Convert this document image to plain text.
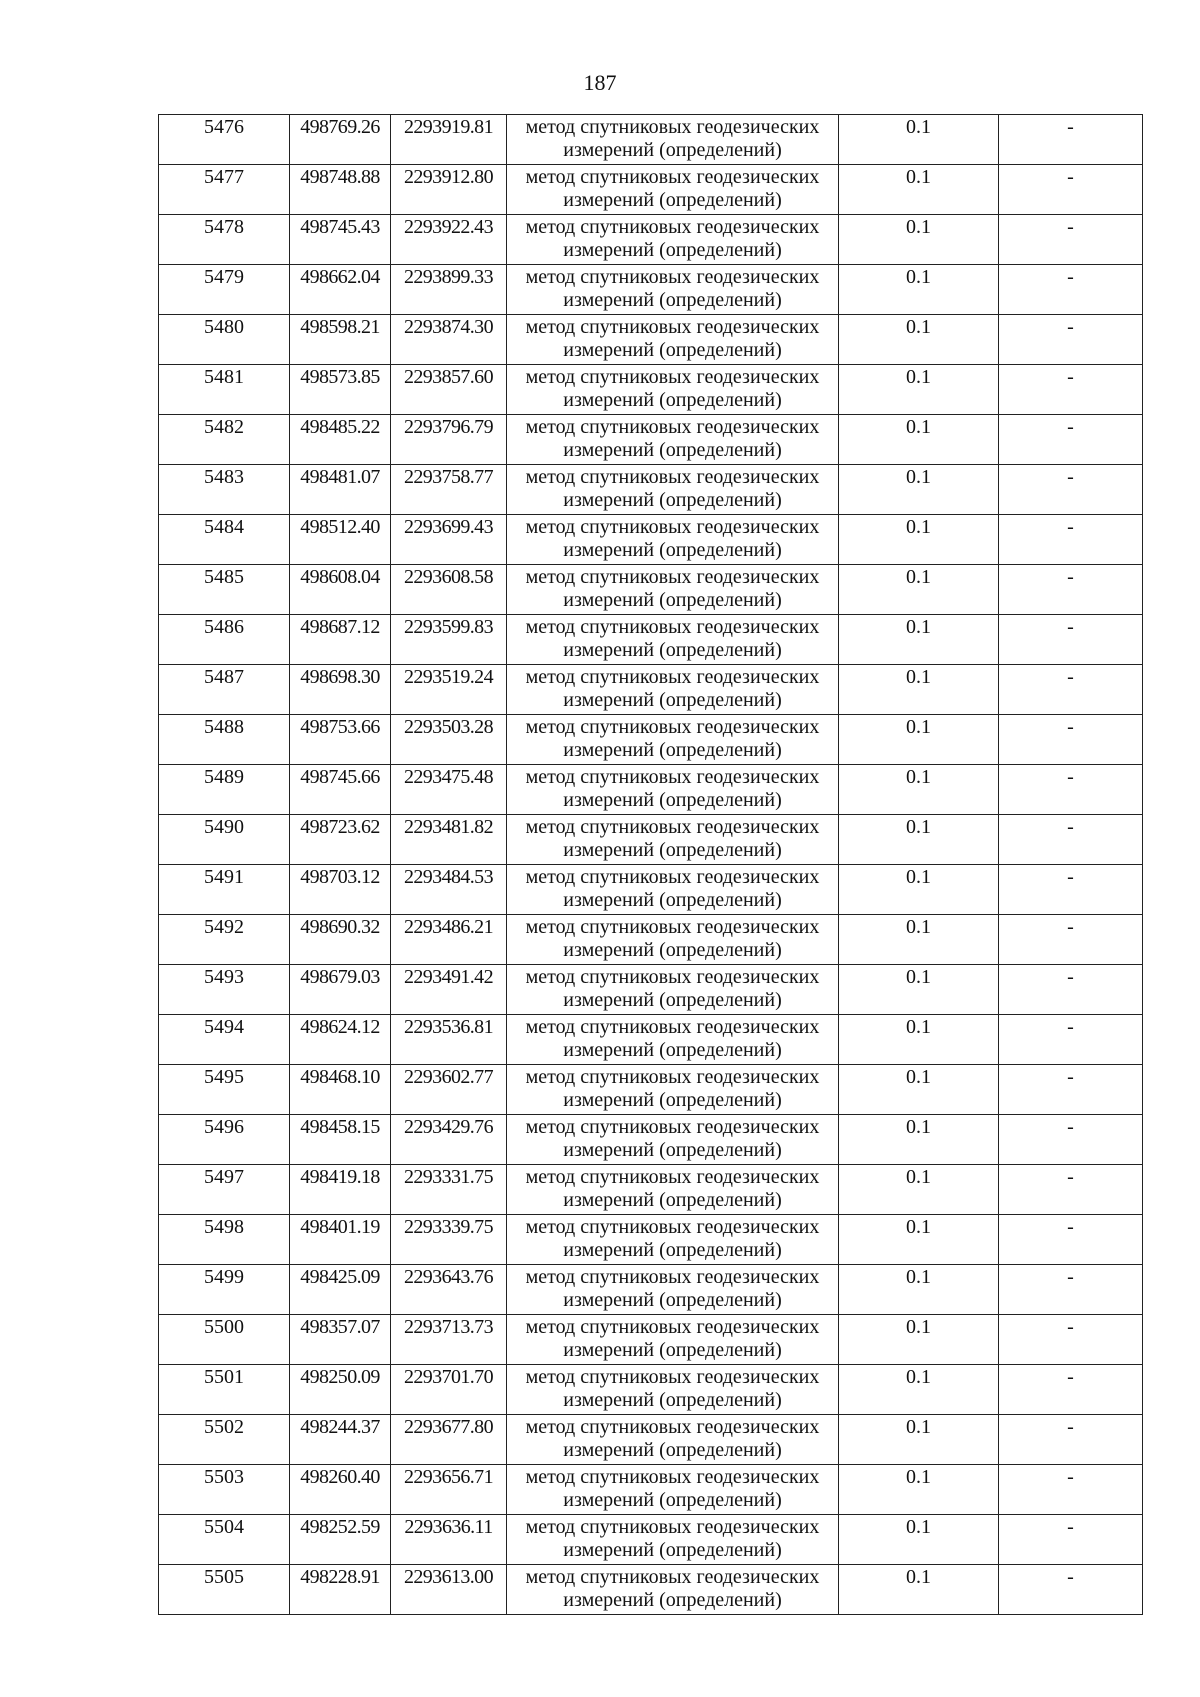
187
5476	498769.26	2293919.81	метод спутниковых геодезических измерений (определений)	0.1	-
5477	498748.88	2293912.80	метод спутниковых геодезических измерений (определений)	0.1	-
5478	498745.43	2293922.43	метод спутниковых геодезических измерений (определений)	0.1	-
5479	498662.04	2293899.33	метод спутниковых геодезических измерений (определений)	0.1	-
5480	498598.21	2293874.30	метод спутниковых геодезических измерений (определений)	0.1	-
5481	498573.85	2293857.60	метод спутниковых геодезических измерений (определений)	0.1	-
5482	498485.22	2293796.79	метод спутниковых геодезических измерений (определений)	0.1	-
5483	498481.07	2293758.77	метод спутниковых геодезических измерений (определений)	0.1	-
5484	498512.40	2293699.43	метод спутниковых геодезических измерений (определений)	0.1	-
5485	498608.04	2293608.58	метод спутниковых геодезических измерений (определений)	0.1	-
5486	498687.12	2293599.83	метод спутниковых геодезических измерений (определений)	0.1	-
5487	498698.30	2293519.24	метод спутниковых геодезических измерений (определений)	0.1	-
5488	498753.66	2293503.28	метод спутниковых геодезических измерений (определений)	0.1	-
5489	498745.66	2293475.48	метод спутниковых геодезических измерений (определений)	0.1	-
5490	498723.62	2293481.82	метод спутниковых геодезических измерений (определений)	0.1	-
5491	498703.12	2293484.53	метод спутниковых геодезических измерений (определений)	0.1	-
5492	498690.32	2293486.21	метод спутниковых геодезических измерений (определений)	0.1	-
5493	498679.03	2293491.42	метод спутниковых геодезических измерений (определений)	0.1	-
5494	498624.12	2293536.81	метод спутниковых геодезических измерений (определений)	0.1	-
5495	498468.10	2293602.77	метод спутниковых геодезических измерений (определений)	0.1	-
5496	498458.15	2293429.76	метод спутниковых геодезических измерений (определений)	0.1	-
5497	498419.18	2293331.75	метод спутниковых геодезических измерений (определений)	0.1	-
5498	498401.19	2293339.75	метод спутниковых геодезических измерений (определений)	0.1	-
5499	498425.09	2293643.76	метод спутниковых геодезических измерений (определений)	0.1	-
5500	498357.07	2293713.73	метод спутниковых геодезических измерений (определений)	0.1	-
5501	498250.09	2293701.70	метод спутниковых геодезических измерений (определений)	0.1	-
5502	498244.37	2293677.80	метод спутниковых геодезических измерений (определений)	0.1	-
5503	498260.40	2293656.71	метод спутниковых геодезических измерений (определений)	0.1	-
5504	498252.59	2293636.11	метод спутниковых геодезических измерений (определений)	0.1	-
5505	498228.91	2293613.00	метод спутниковых геодезических измерений (определений)	0.1	-
